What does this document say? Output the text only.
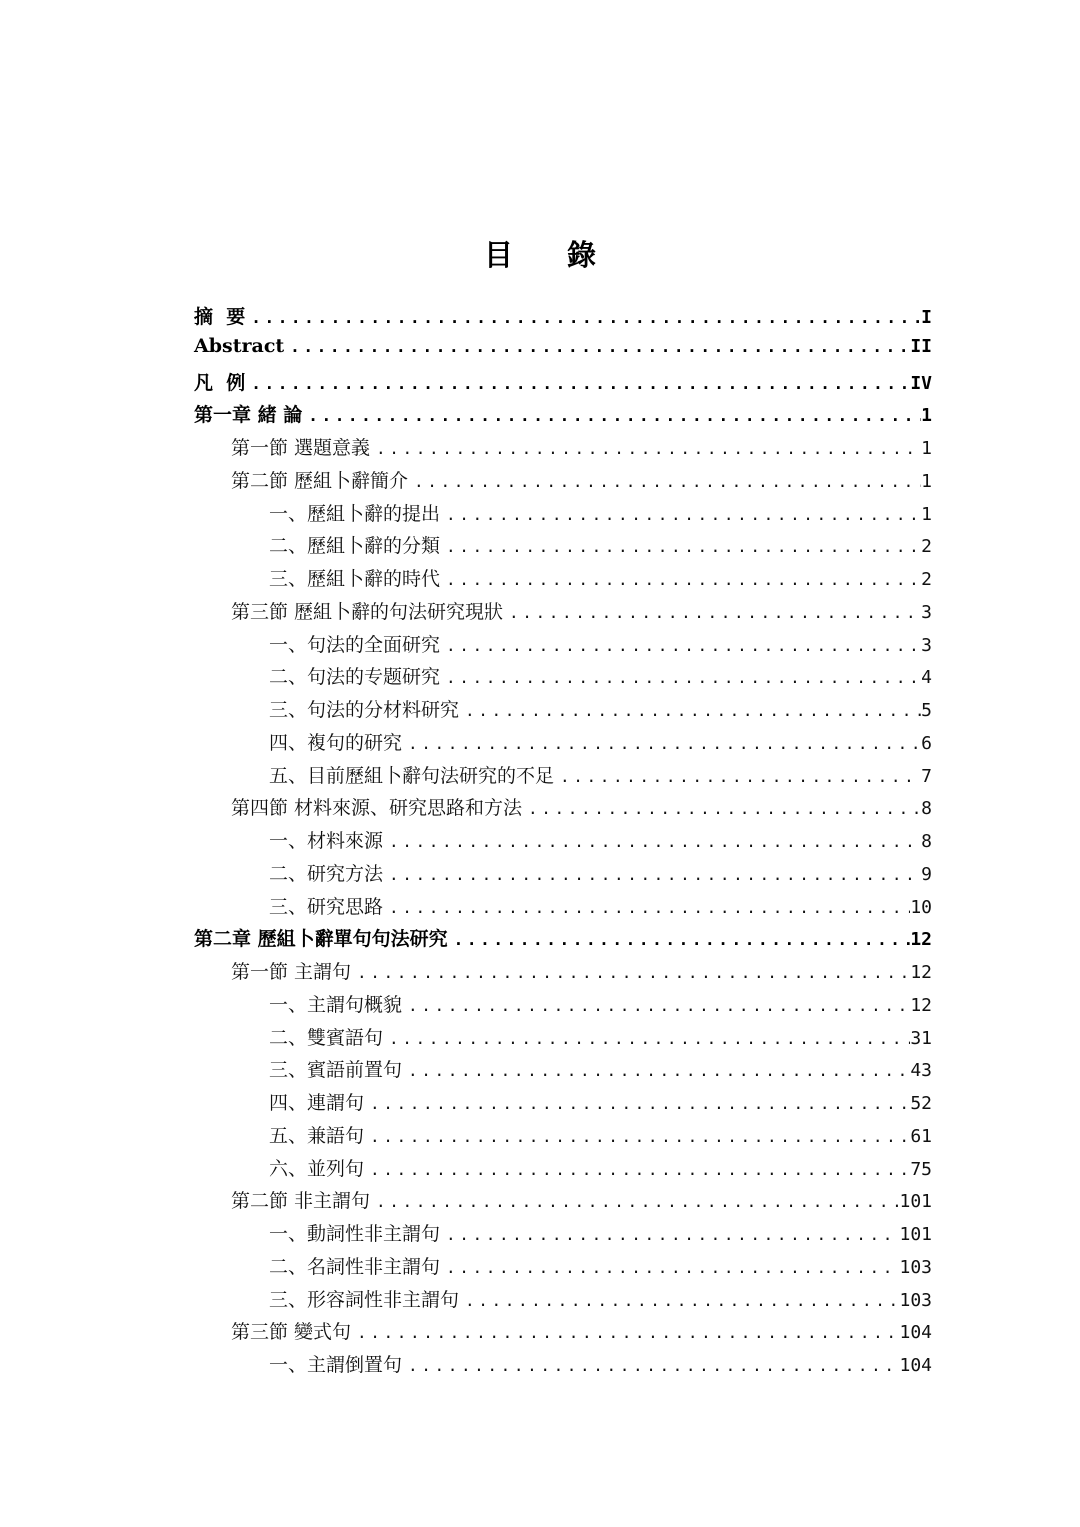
目 錄
摘  要 .....	I
Abstract .....	II
凡  例 .....	IV
第一章 緒 論 .....	1
第一節 選題意義 .....	1
第二節 歷組卜辭簡介 .....	1
一、歷組卜辭的提出 .....	1
二、歷組卜辭的分類 .....	2
三、歷組卜辭的時代 .....	2
第三節 歷組卜辭的句法研究現狀 .....	3
一、句法的全面研究 .....	3
二、句法的专题研究 .....	4
三、句法的分材料研究 .....	5
四、複句的研究 .....	6
五、目前歷組卜辭句法研究的不足 .....	7
第四節 材料來源、研究思路和方法 .....	8
一、材料來源 .....	8
二、研究方法 .....	9
三、研究思路 .....	10
第二章 歷組卜辭單句句法研究 .....	12
第一節 主謂句 .....	12
一、主謂句概貌 .....	12
二、雙賓語句 .....	31
三、賓語前置句 .....	43
四、連謂句 .....	52
五、兼語句 .....	61
六、並列句 .....	75
第二節 非主謂句 .....	101
一、動詞性非主謂句 .....	101
二、名詞性非主謂句 .....	103
三、形容詞性非主謂句 .....	103
第三節 變式句 .....	104
一、主謂倒置句 .....	104
